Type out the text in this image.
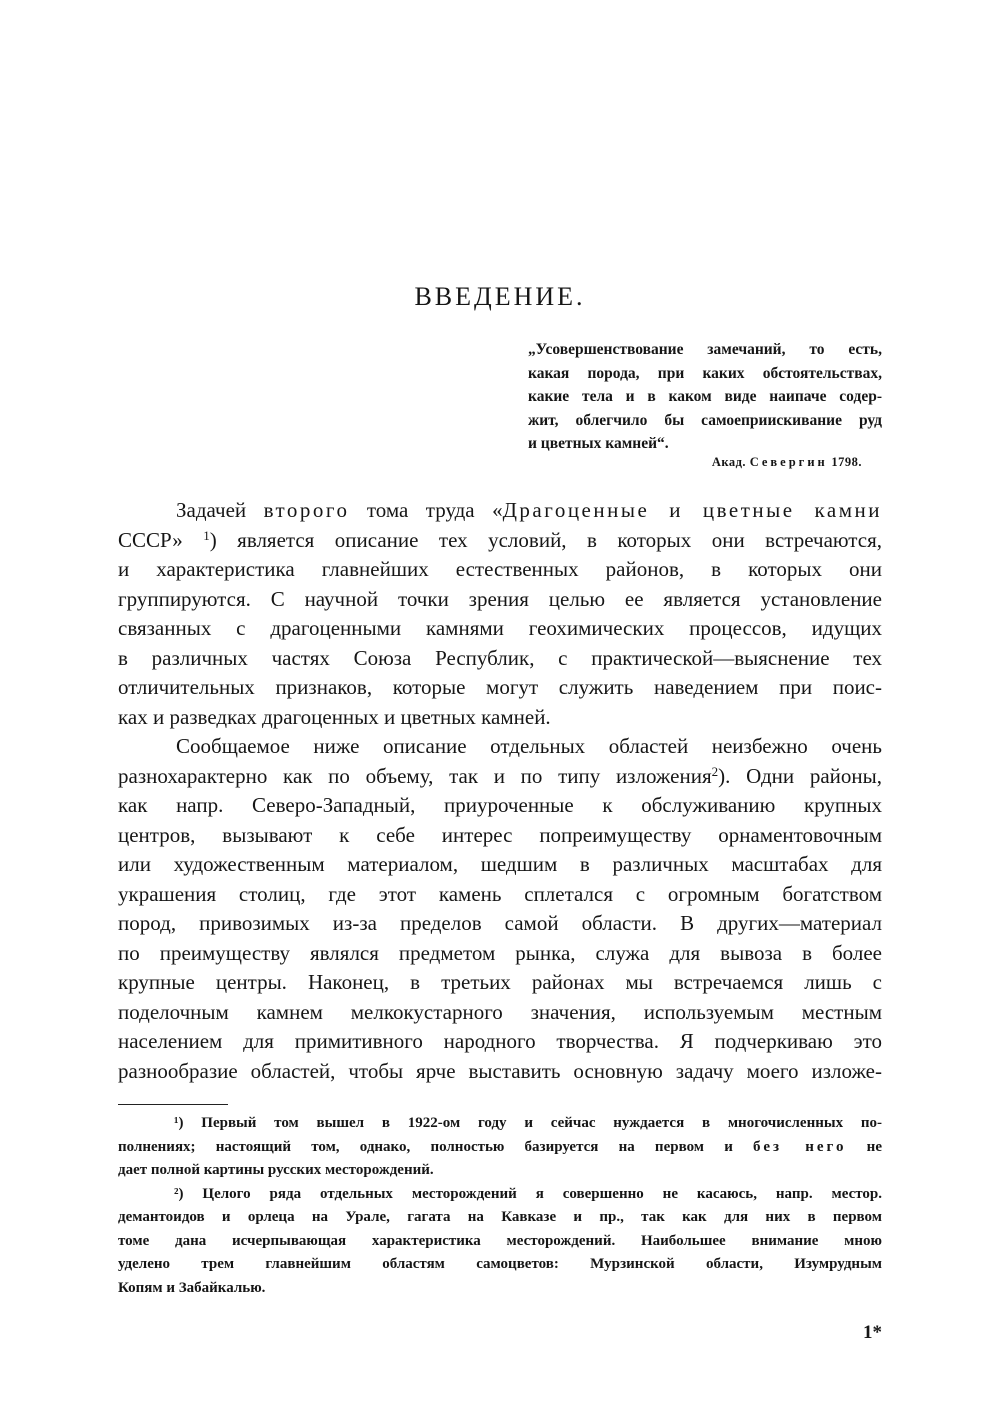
ВВЕДЕНИЕ.
„Усовершенствование замечаний, то есть,
какая порода, при каких обстоятельствах,
какие тела и в каком виде наипаче содер-
жит, облегчило бы самоеприискивание руд
и цветных камней“.
Акад. Севергин 1798.
Задачей второго тома труда «Драгоценные и цветные камни
СССР» $^1$) является описание тех условий, в которых они встречаются,
и характеристика главнейших естественных районов, в которых они
группируются. С научной точки зрения целью ее является установление
связанных с драгоценными камнями геохимических процессов, идущих
в различных частях Союза Республик, с практической—выяснение тех
отличительных признаков, которые могут служить наведением при поис-
ках и разведках драгоценных и цветных камней.
Сообщаемое ниже описание отдельных областей неизбежно очень
разнохарактерно как по объему, так и по типу изложения$^2$). Одни районы,
как напр. Северо-Западный, приуроченные к обслуживанию крупных
центров, вызывают к себе интерес попреимуществу орнаментовочным
или художественным материалом, шедшим в различных масштабах для
украшения столиц, где этот камень сплетался с огромным богатством
пород, привозимых из-за пределов самой области. В других—материал
по преимуществу являлся предметом рынка, служа для вывоза в более
крупные центры. Наконец, в третьих районах мы встречаемся лишь с
поделочным камнем мелкокустарного значения, используемым местным
населением для примитивного народного творчества. Я подчеркиваю это
разнообразие областей, чтобы ярче выставить основную задачу моего изложе-
¹) Первый том вышел в 1922-ом году и сейчас нуждается в многочисленных по-
полнениях; настоящий том, однако, полностью базируется на первом и без него не
дает полной картины русских месторождений.
²) Целого ряда отдельных месторождений я совершенно не касаюсь, напр. местор.
демантоидов и орлеца на Урале, гагата на Кавказе и пр., так как для них в первом
томе дана исчерпывающая характеристика месторождений. Наибольшее внимание мною
уделено трем главнейшим областям самоцветов: Мурзинской области, Изумрудным
Копям и Забайкалью.
1*
